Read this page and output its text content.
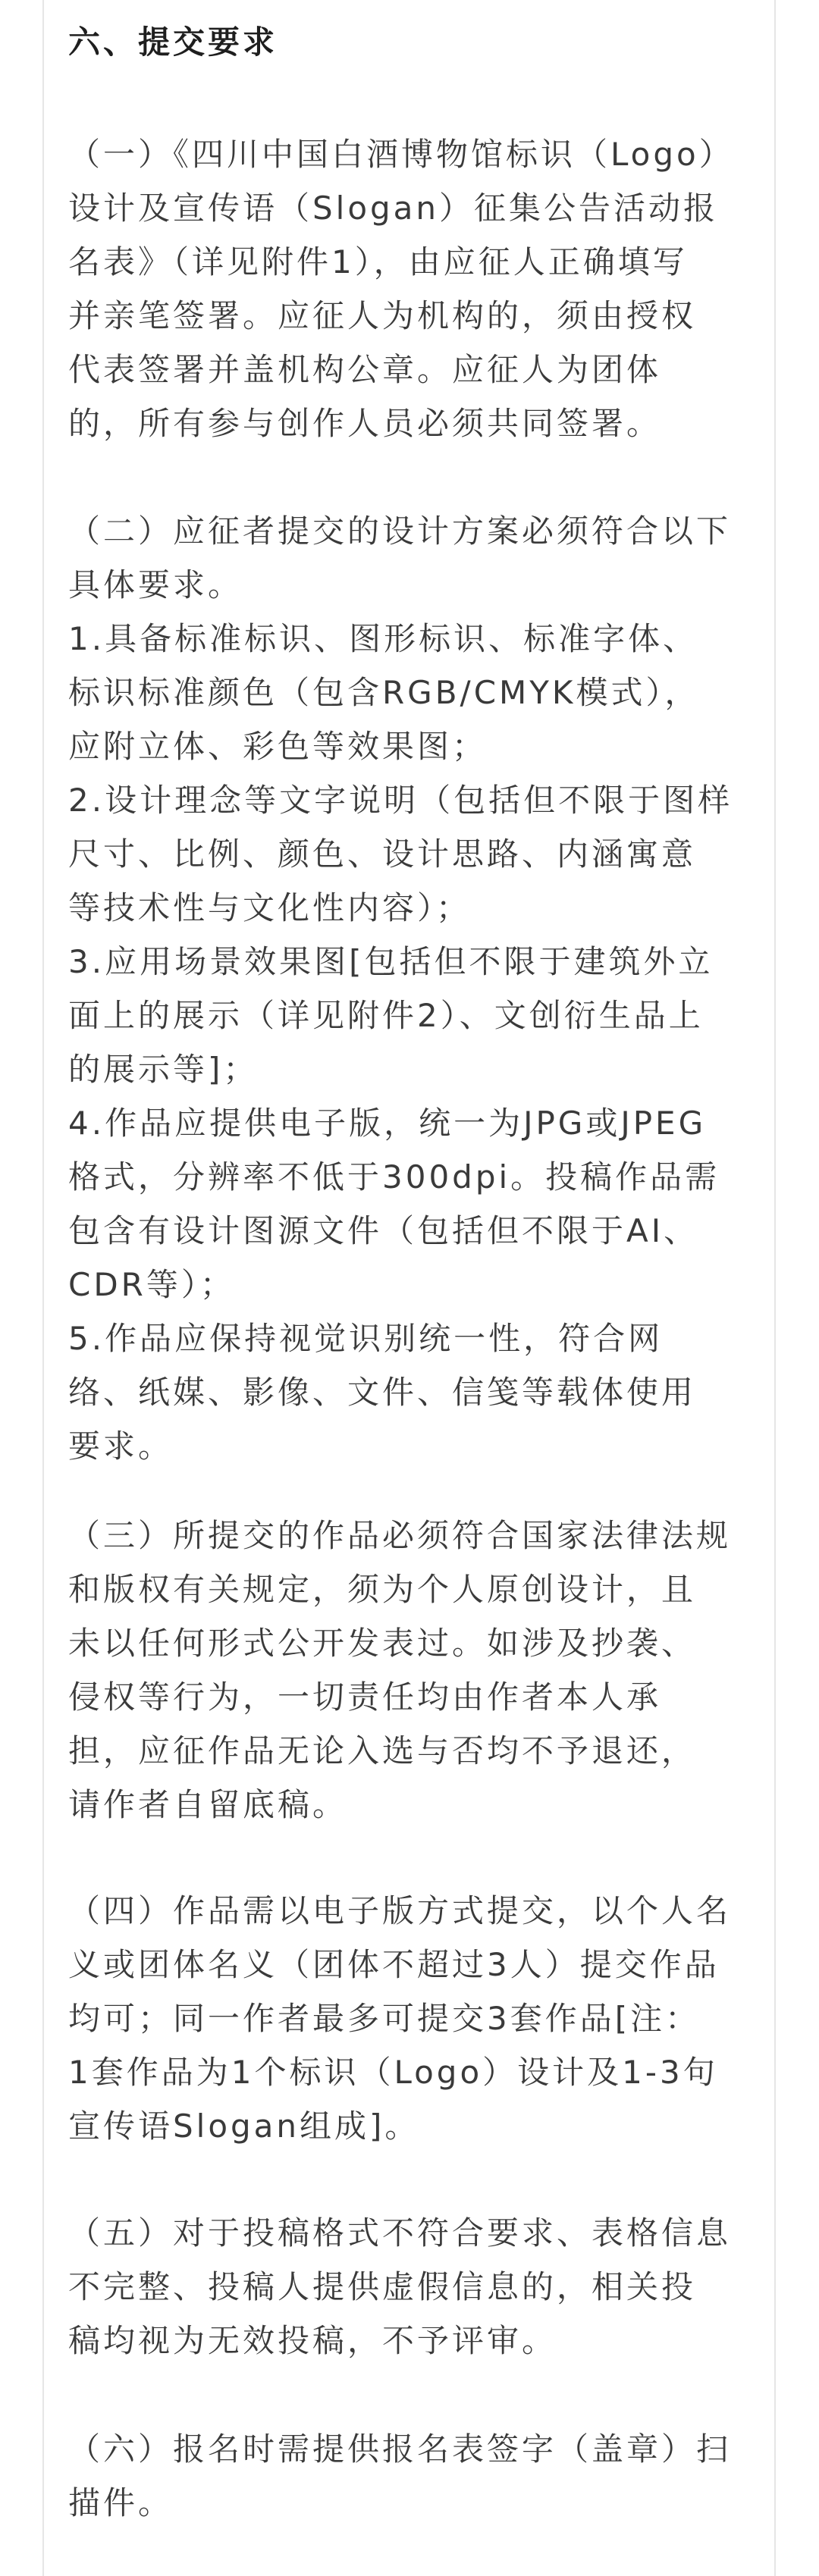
六、提交要求
（一）《四川中国白酒博物馆标识（Logo）
设计及宣传语（Slogan）征集公告活动报
名表》（详见附件1），由应征人正确填写
并亲笔签署。应征人为机构的，须由授权
代表签署并盖机构公章。应征人为团体
的，所有参与创作人员必须共同签署。
（二）应征者提交的设计方案必须符合以下
具体要求。
1.具备标准标识、图形标识、标准字体、
标识标准颜色（包含RGB/CMYK模式），
应附立体、彩色等效果图；
2.设计理念等文字说明（包括但不限于图样
尺寸、比例、颜色、设计思路、内涵寓意
等技术性与文化性内容）；
3.应用场景效果图[包括但不限于建筑外立
面上的展示（详见附件2）、文创衍生品上
的展示等]；
4.作品应提供电子版，统一为JPG或JPEG
格式，分辨率不低于300dpi。投稿作品需
包含有设计图源文件（包括但不限于AI、
CDR等）；
5.作品应保持视觉识别统一性，符合网
络、纸媒、影像、文件、信笺等载体使用
要求。
（三）所提交的作品必须符合国家法律法规
和版权有关规定，须为个人原创设计，且
未以任何形式公开发表过。如涉及抄袭、
侵权等行为，一切责任均由作者本人承
担，应征作品无论入选与否均不予退还，
请作者自留底稿。
（四）作品需以电子版方式提交，以个人名
义或团体名义（团体不超过3人）提交作品
均可；同一作者最多可提交3套作品[注：
1套作品为1个标识（Logo）设计及1-3句
宣传语Slogan组成]。
（五）对于投稿格式不符合要求、表格信息
不完整、投稿人提供虚假信息的，相关投
稿均视为无效投稿，不予评审。
（六）报名时需提供报名表签字（盖章）扫
描件。
